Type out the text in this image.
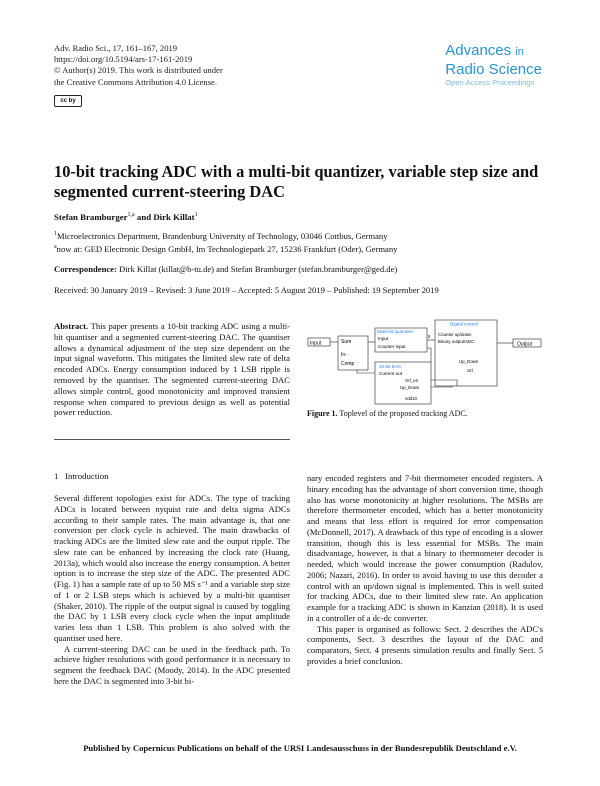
Adv. Radio Sci., 17, 161–167, 2019
https://doi.org/10.5194/ars-17-161-2019
© Author(s) 2019. This work is distributed under
the Creative Commons Attribution 4.0 License.
cc by
Advances in
Radio Science
Open Access Proceedings
10-bit tracking ADC with a multi-bit quantizer, variable step size and segmented current-steering DAC
Stefan Bramburger$^{1,a}$ and Dirk Killat$^1$
$^1$Microelectronics Department, Brandenburg University of Technology, 03046 Cottbus, Germany
$^a$now at: GED Electronic Design GmbH, Im Technologiepark 27, 15236 Frankfurt (Oder), Germany
Correspondence: Dirk Killat (killat@b-tu.de) and Stefan Bramburger (stefan.bramburger@ged.de)
Received: 30 January 2019 – Revised: 3 June 2019 – Accepted: 5 August 2019 – Published: 19 September 2019
Abstract. This paper presents a 10-bit tracking ADC using a multi-bit quantiser and a segmented current-steering DAC. The quantiser allows a dynamical adjustment of the step size dependent on the input signal waveform. This mitigates the limited slew rate of delta encoded ADCs. Energy consumption induced by 1 LSB ripple is removed by the quantiser. The segmented current-steering DAC allows simple control, good monotonicity and improved transient response when compared to previous design as well as potential power reduction.
Input	Sum
In-
Comp
Multi-bit quantizer
Input
Counter input
5
Digital control
Counter up/down
Binary output/ADC
Up_Down
ctrl
Output
10-bit DAC
Current out
ctrl_en
Up_Down
vdd10
Figure 1. Toplevel of the proposed tracking ADC.
1 Introduction

Several different topologies exist for ADCs. The type of tracking ADCs is located between nyquist rate and delta sigma ADCs according to their sample rates. The main advantage is, that one conversion per clock cycle is achieved. The main drawbacks of tracking ADCs are the limited slew rate and the output ripple. The slew rate can be enhanced by increasing the clock rate (Huang, 2013a), which would also increase the energy consumption. A better option is to increase the step size of the ADC. The presented ADC (Fig. 1) has a sample rate of up to 50 MS s⁻¹ and a variable step size of 1 or 2 LSB steps which is achieved by a multi-bit quantiser (Shaker, 2010). The ripple of the output signal is caused by toggling the DAC by 1 LSB every clock cycle when the input amplitude varies less than 1 LSB. This problem is also solved with the quantiser used here.

A current-steering DAC can be used in the feedback path. To achieve higher resolutions with good performance it is necessary to segment the feedback DAC (Moody, 2014). In the ADC presented here the DAC is segmented into 3-bit bi-

nary encoded registers and 7-bit thermometer encoded registers. A binary encoding has the advantage of short conversion time, though also has worse monotonicity at higher resolutions. The MSBs are therefore thermometer encoded, which has a better monotonicity and means that less effort is required for error compensation (McDonnell, 2017). A drawback of this type of encoding is a slower transition, though this is less essential for MSBs. The main disadvantage, however, is that a binary to thermometer decoder is needed, which would increase the power consumption (Radulov, 2006; Nazari, 2016). In order to avoid having to use this decoder a control with an up/down signal is implemented. This is well suited for tracking ADCs, due to their limited slew rate. An application example for a tracking ADC is shown in Kanzian (2018). It is used in a controller of a dc-dc converter.

This paper is organised as follows: Sect. 2 describes the ADC's components, Sect. 3 describes the layout of the DAC and comparators, Sect. 4 presents simulation results and finally Sect. 5 provides a brief conclusion.

Published by Copernicus Publications on behalf of the URSI Landesausschuss in der Bundesrepublik Deutschland e.V.
